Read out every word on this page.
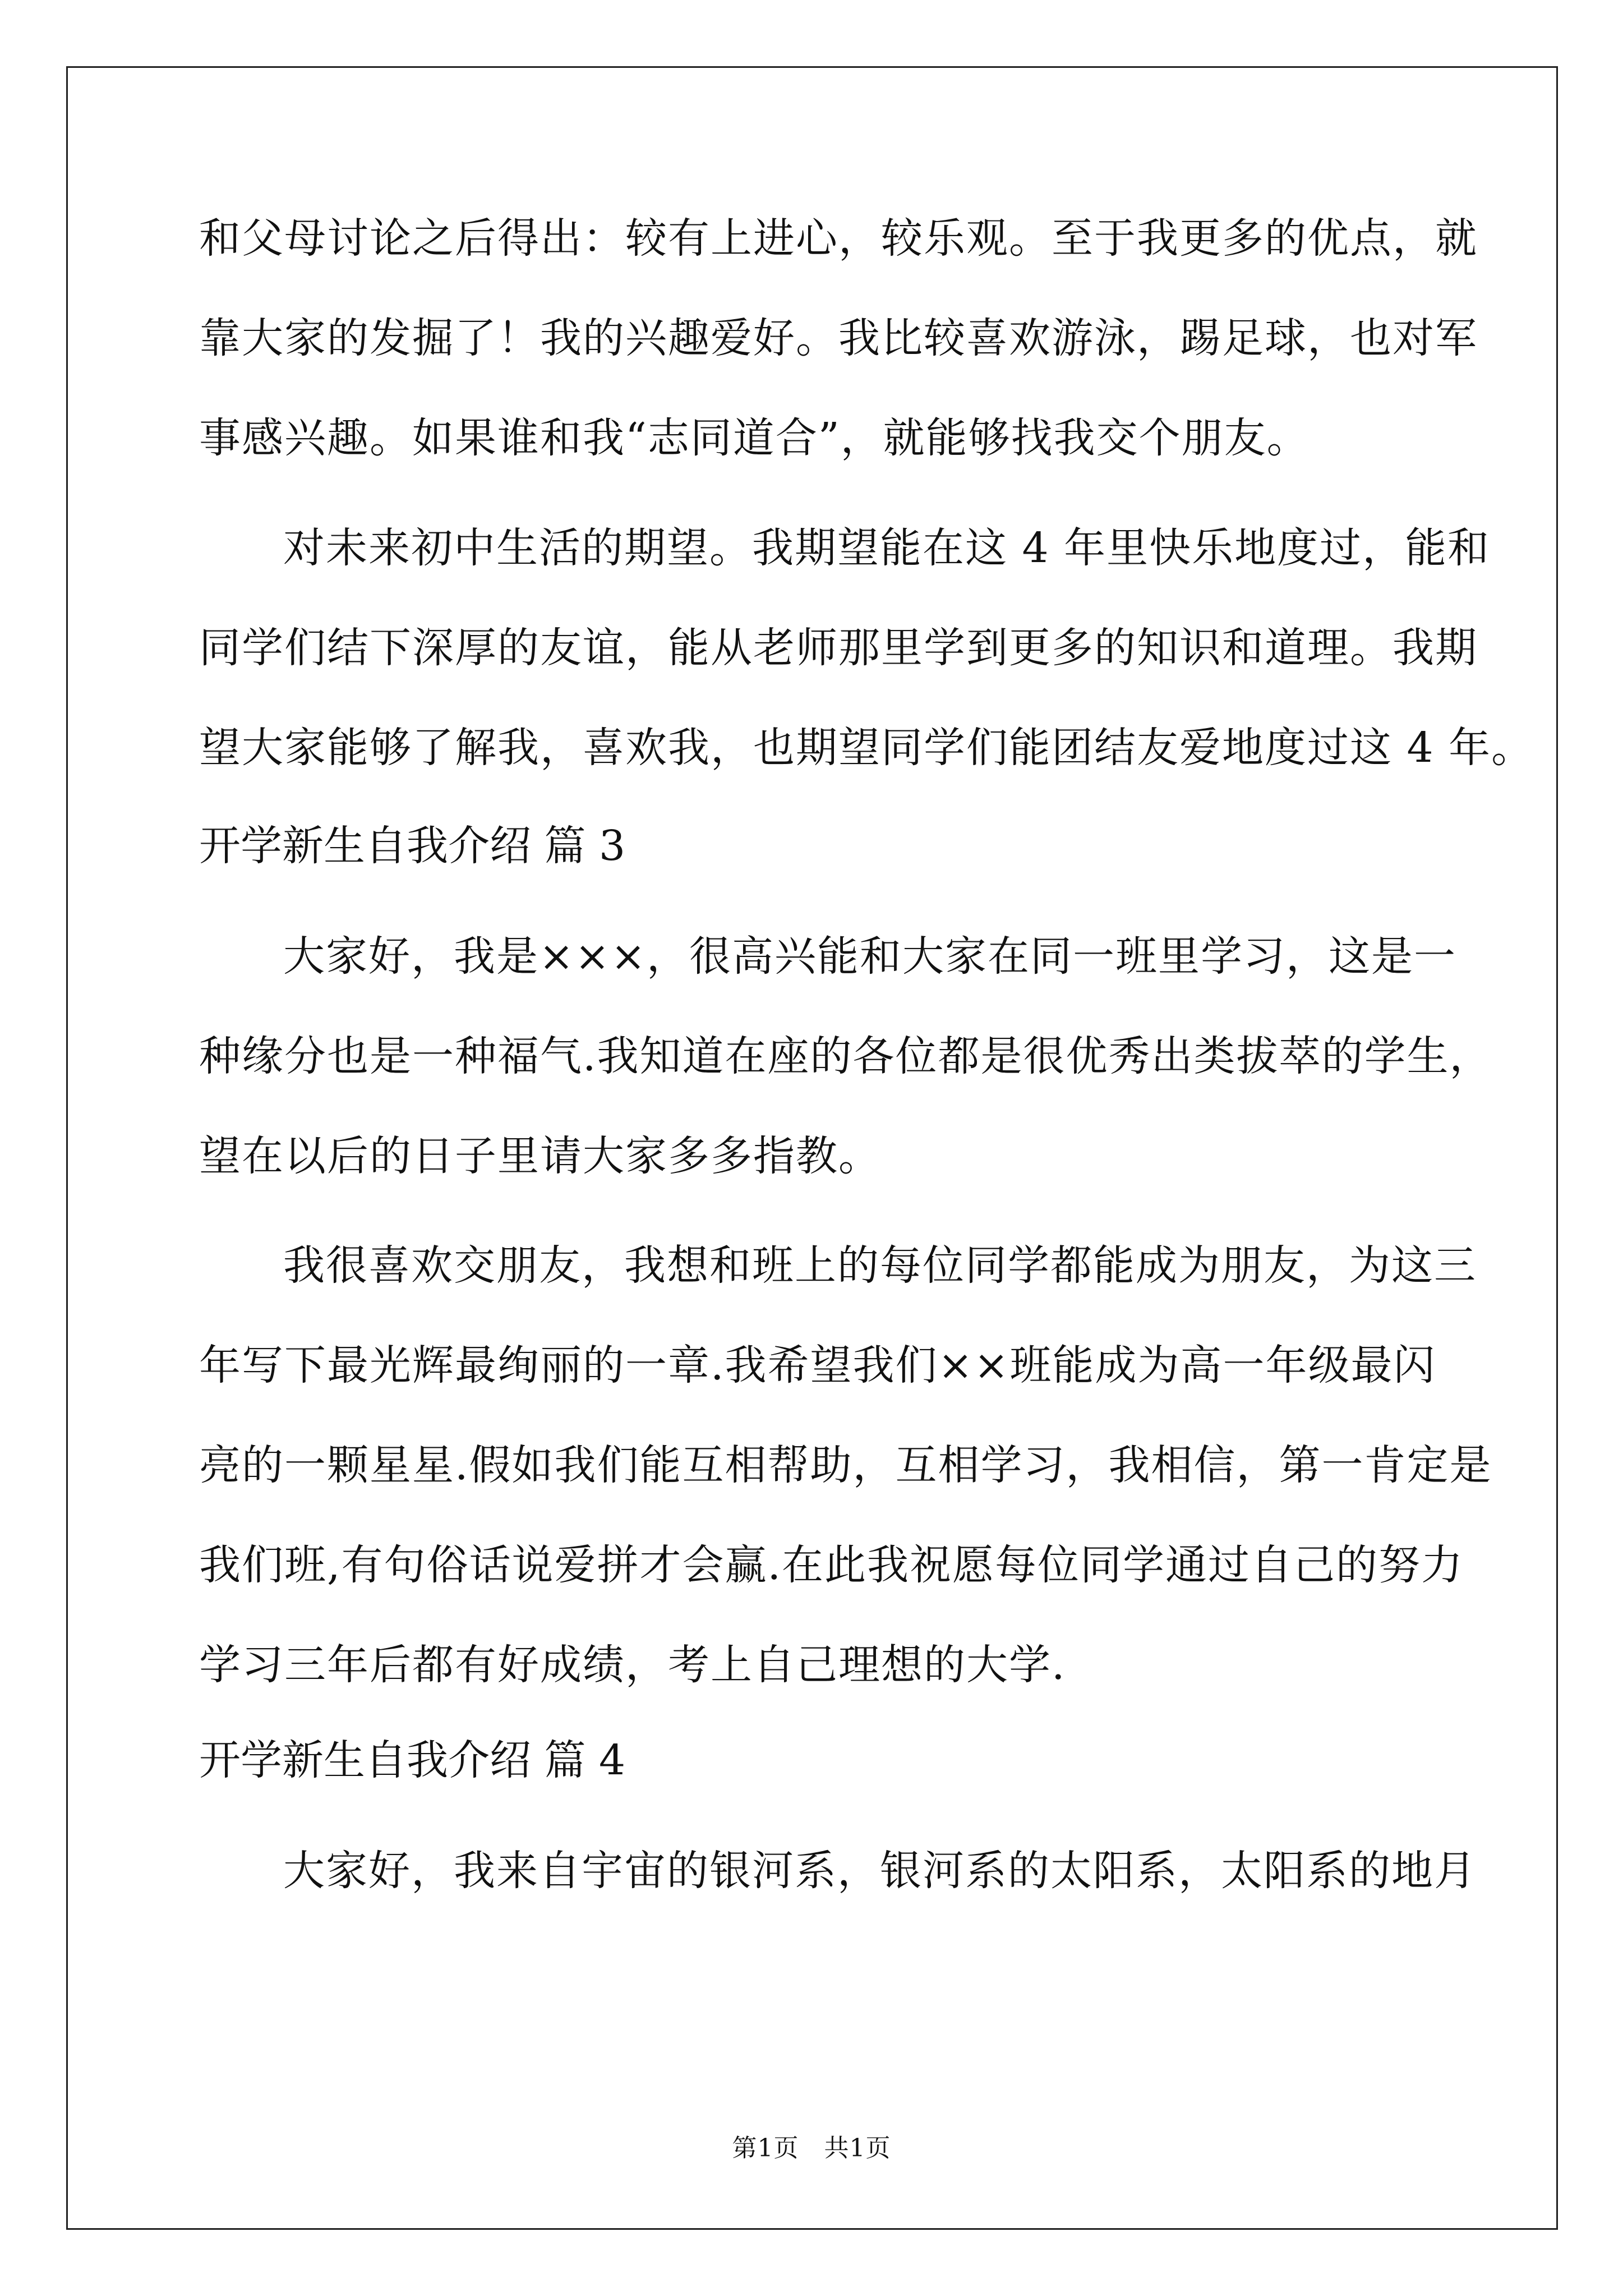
和父母讨论之后得出：较有上进心，较乐观。至于我更多的优点，就
靠大家的发掘了！我的兴趣爱好。我比较喜欢游泳，踢足球，也对军
事感兴趣。如果谁和我“志同道合”，就能够找我交个朋友。
对未来初中生活的期望。我期望能在这 4 年里快乐地度过，能和
同学们结下深厚的友谊，能从老师那里学到更多的知识和道理。我期
望大家能够了解我，喜欢我，也期望同学们能团结友爱地度过这 4 年。
开学新生自我介绍 篇 3
大家好，我是×××，很高兴能和大家在同一班里学习，这是一
种缘分也是一种福气.我知道在座的各位都是很优秀出类拔萃的学生，
望在以后的日子里请大家多多指教。
我很喜欢交朋友，我想和班上的每位同学都能成为朋友，为这三
年写下最光辉最绚丽的一章.我希望我们××班能成为高一年级最闪
亮的一颗星星.假如我们能互相帮助，互相学习，我相信，第一肯定是
我们班,有句俗话说爱拼才会赢.在此我祝愿每位同学通过自己的努力
学习三年后都有好成绩，考上自己理想的大学.
开学新生自我介绍 篇 4
大家好，我来自宇宙的银河系，银河系的太阳系，太阳系的地月
第1页　共1页
